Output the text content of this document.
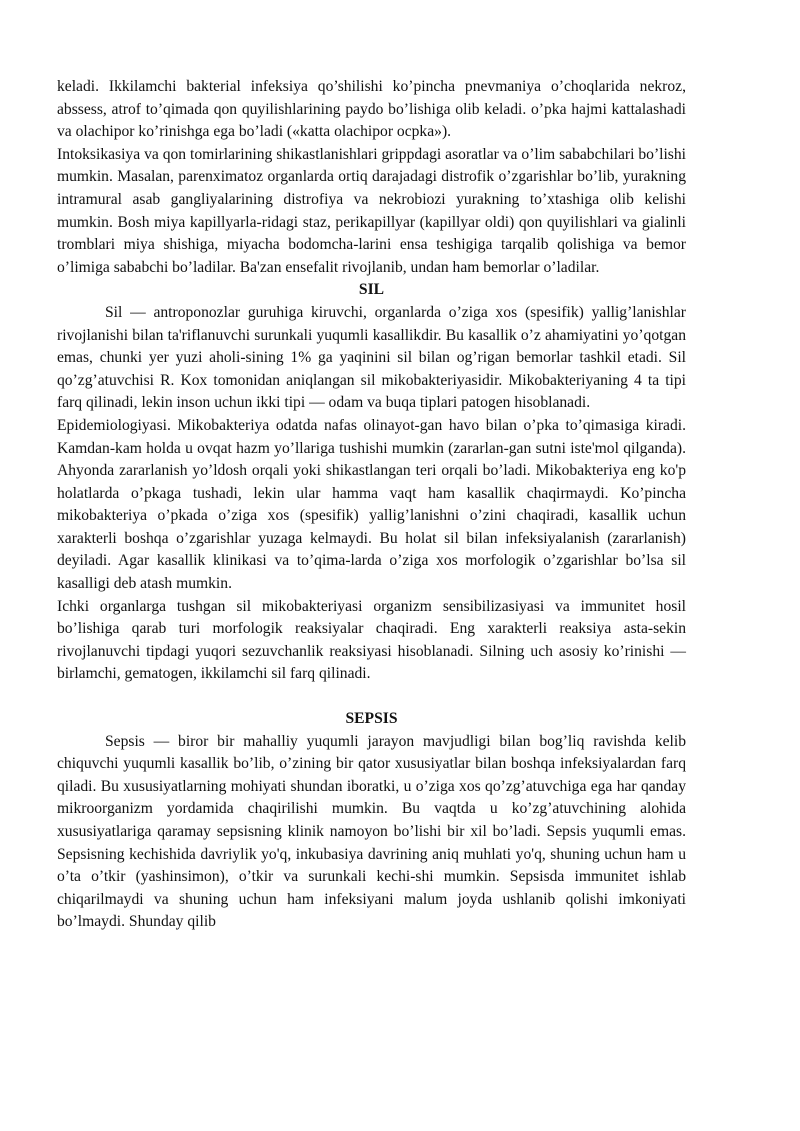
keladi. Ikkilamchi bakterial infeksiya qo’shilishi ko’pincha pnevmaniya o’choqlarida nekroz, abssess, atrof to’qimada qon quyilishlarining paydo bo’lishiga olib keladi. o’pka hajmi kattalashadi va olachipor ko’rinishga ega bo’ladi («katta olachipor ocpka»).

Intoksikasiya va qon tomirlarining shikastlanishlari grippdagi asoratlar va o’lim sababchilari bo’lishi mumkin. Masalan, parenximatoz organlarda ortiq darajadagi distrofik o’zgarishlar bo’lib, yurakning intramural asab gangliyalarining distrofiya va nekrobiozi yurakning to’xtashiga olib kelishi mumkin. Bosh miya kapillyarla-ridagi staz, perikapillyar (kapillyar oldi) qon quyilishlari va gialinli tromblari miya shishiga, miyacha bodomcha-larini ensa teshigiga tarqalib qolishiga va bemor o’limiga sababchi bo’ladilar. Ba'zan ensefalit rivojlanib, undan ham bemorlar o’ladilar.

SIL

Sil — antroponozlar guruhiga kiruvchi, organlarda o’ziga xos (spesifik) yallig’lanishlar rivojlanishi bilan ta'riflanuvchi surunkali yuqumli kasallikdir. Bu kasallik o’z ahamiyatini yo’qotgan emas, chunki yer yuzi aholi-sining 1% ga yaqinini sil bilan og’rigan bemorlar tashkil etadi. Sil qo’zg’atuvchisi R. Kox tomonidan aniqlangan sil mikobakteriyasidir. Mikobakteriyaning 4 ta tipi farq qilinadi, lekin inson uchun ikki tipi — odam va buqa tiplari patogen hisoblanadi.

Epidemiologiyasi. Mikobakteriya odatda nafas olinayot-gan havo bilan o’pka to’qimasiga kiradi. Kamdan-kam holda u ovqat hazm yo’llariga tushishi mumkin (zararlan-gan sutni iste'mol qilganda). Ahyonda zararlanish yo’ldosh orqali yoki shikastlangan teri orqali bo’ladi. Mikobakteriya eng ko'p holatlarda o’pkaga tushadi, lekin ular hamma vaqt ham kasallik chaqirmaydi. Ko’pincha mikobakteriya o’pkada o’ziga xos (spesifik) yallig’lanishni o’zini chaqiradi, kasallik uchun xarakterli boshqa o’zgarishlar yuzaga kelmaydi. Bu holat sil bilan infeksiyalanish (zararlanish) deyiladi. Agar kasallik klinikasi va to’qima-larda o’ziga xos morfologik o’zgarishlar bo’lsa sil kasalligi deb atash mumkin.

Ichki organlarga tushgan sil mikobakteriyasi organizm sensibilizasiyasi va immunitet hosil bo’lishiga qarab turi morfologik reaksiyalar chaqiradi. Eng xarakterli reaksiya asta-sekin rivojlanuvchi tipdagi yuqori sezuvchanlik reaksiyasi hisoblanadi. Silning uch asosiy ko’rinishi — birlamchi, gematogen, ikkilamchi sil farq qilinadi.

SEPSIS

Sepsis — biror bir mahalliy yuqumli jarayon mavjudligi bilan bog’liq ravishda kelib chiquvchi yuqumli kasallik bo’lib, o’zining bir qator xususiyatlar bilan boshqa infeksiyalardan farq qiladi. Bu xususiyatlarning mohiyati shundan iboratki, u o’ziga xos qo’zg’atuvchiga ega har qanday mikroorganizm yordamida chaqirilishi mumkin. Bu vaqtda u ko’zg’atuvchining alohida xususiyatlariga qaramay sepsisning klinik namoyon bo’lishi bir xil bo’ladi. Sepsis yuqumli emas. Sepsisning kechishida davriylik yo'q, inkubasiya davrining aniq muhlati yo'q, shuning uchun ham u o’ta o’tkir (yashinsimon), o’tkir va surunkali kechi-shi mumkin. Sepsisda immunitet ishlab chiqarilmaydi va shuning uchun ham infeksiyani malum joyda ushlanib qolishi imkoniyati bo’lmaydi. Shunday qilib
